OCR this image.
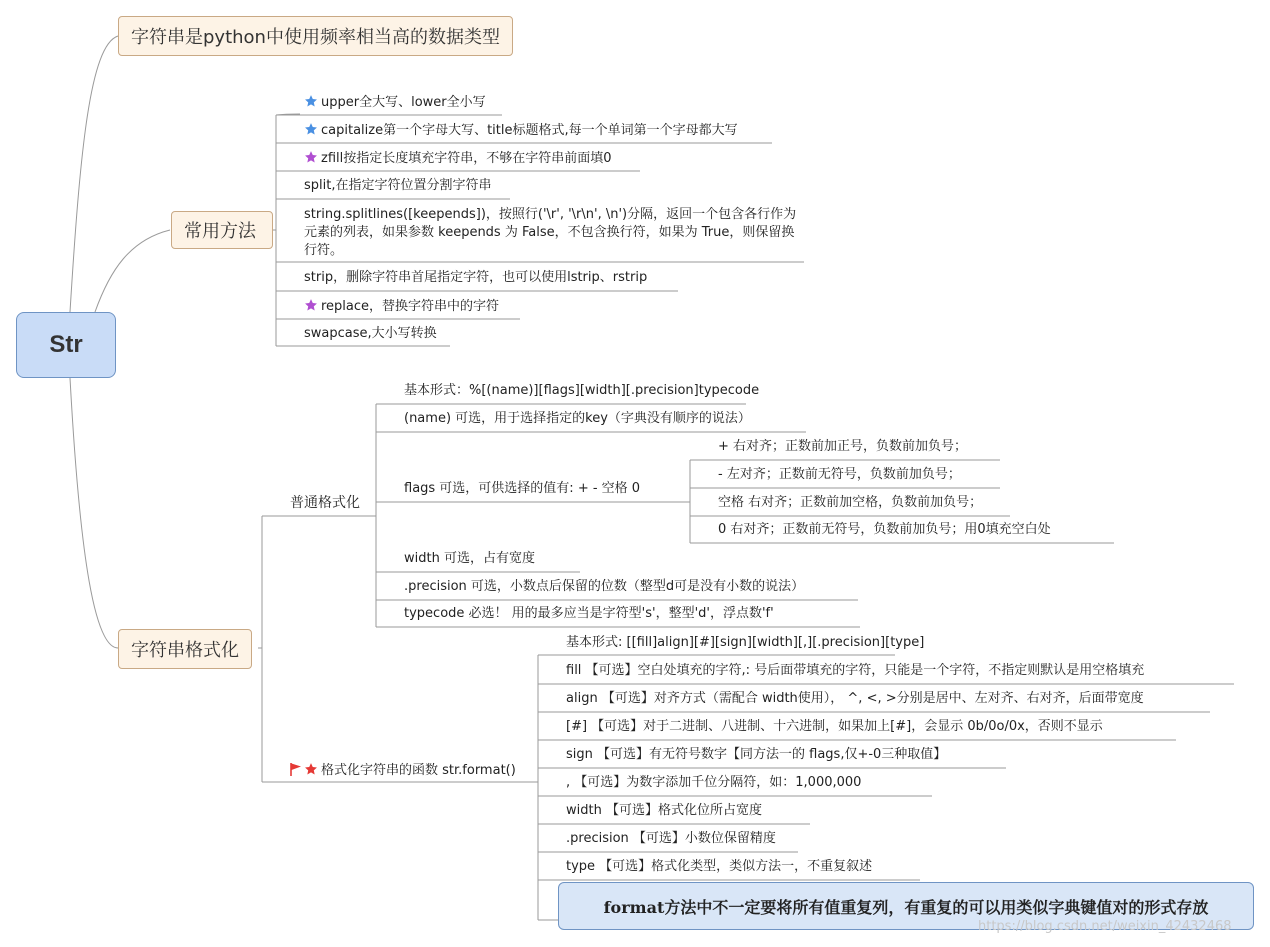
Str
字符串是python中使用频率相当高的数据类型
常用方法
upper全大写、lower全小写
capitalize第一个字母大写、title标题格式,每一个单词第一个字母都大写
zfill按指定长度填充字符串，不够在字符串前面填0
split,在指定字符位置分割字符串
string.splitlines([keepends])，按照行('\r', '\r\n', \n')分隔，返回一个包含各行作为元素的列表，如果参数 keepends 为 False，不包含换行符，如果为 True，则保留换行符。
strip，删除字符串首尾指定字符，也可以使用lstrip、rstrip
replace，替换字符串中的字符
swapcase,大小写转换
字符串格式化
普通格式化
基本形式：%[(name)][flags][width][.precision]typecode
(name) 可选，用于选择指定的key（字典没有顺序的说法）
flags 可选，可供选择的值有: + - 空格 0
width 可选，占有宽度
.precision 可选，小数点后保留的位数（整型d可是没有小数的说法）
typecode 必选！ 用的最多应当是字符型's'，整型'd'，浮点数'f'
+ 右对齐；正数前加正号，负数前加负号；
- 左对齐；正数前无符号，负数前加负号；
空格 右对齐；正数前加空格，负数前加负号；
0 右对齐；正数前无符号，负数前加负号；用0填充空白处
格式化字符串的函数 str.format()
基本形式: [[fill]align][#][sign][width][,][.precision][type]
fill 【可选】空白处填充的字符,: 号后面带填充的字符，只能是一个字符，不指定则默认是用空格填充
align 【可选】对齐方式（需配合 width使用）， ^, <, >分别是居中、左对齐、右对齐，后面带宽度
[#] 【可选】对于二进制、八进制、十六进制，如果加上[#]，会显示 0b/0o/0x，否则不显示
sign 【可选】有无符号数字【同方法一的 flags,仅+-0三种取值】
, 【可选】为数字添加千位分隔符，如：1,000,000
width 【可选】格式化位所占宽度
.precision 【可选】小数位保留精度
type 【可选】格式化类型，类似方法一，不重复叙述
format方法中不一定要将所有值重复列，有重复的可以用类似字典键值对的形式存放
https://blog.csdn.net/weixin_42432468
